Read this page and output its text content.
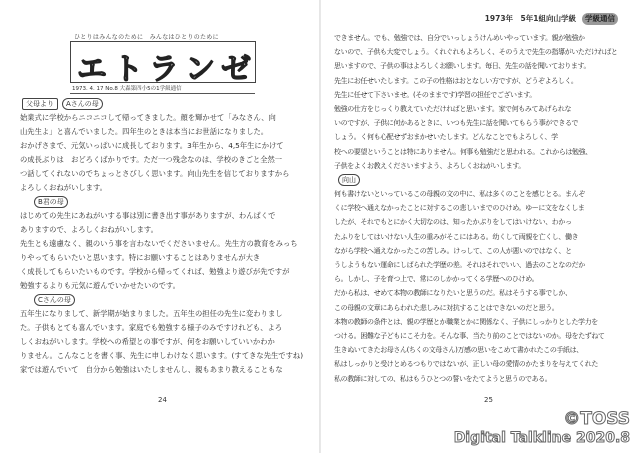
ひとりはみんなのために　みんなはひとりのために
エトランゼ
1973. 4. 17 No.8 大森第四小5の1学級通信
父母より Aさんの母
始業式に学校からニコニコして帰ってきました。顔を輝かせて「みなさん、向
山先生よ」と喜んでいました。四年生のときは本当にお世話になりました。
おかげさまで、元気いっぱいに成長しております。3年生から、4,5年生にかけて
の成長ぶりは　おどろくばかりです。ただ一つ残念なのは、学校のきごと全然一
つ話してくれないのでちょっとさびしく思います。向山先生を信じておりますから
よろしくおねがいします。
B君の母
はじめての先生にあねがいする事は別に書き出す事がありますが、わんぱくで
ありますので、よろしくおねがいします。
先生とも遠慮なく、親のいう事を言わないでくださいません。先生方の教育をみっち
りやってもらいたいと思います。特にお願いすることはありませんが大き
く成長してもらいたいものです。学校から帰ってくれば、勉強より遊びが先ですが
勉強するよりも元気に遊んでいかせたいのです。
Cさんの母
五年生になりまして、新学期が始まりました。五年生の担任の先生に変わりまし
た。子供もとても喜んでいます。家庭でも勉強する様子のみですけれども、よろ
しくおねがいします。学校への希望との事ですが、何をお願いしていいかわか
りません。こんなことを書く事、先生に申しわけなく思います。(すてきな先生ですね)
家では遊んでいて　自分から勉強はいたしませんし、親もあまり教えることもな
24
1973年　5年1組向山学級 学級通信
できません。でも、勉強では、自分でいっしょうけんめいやっています。親が勉強か
ないので、子供も大変でしょう。くれぐれもよろしく、そのうえで先生の指導がいただければと
思いますので、子供の事はよろしくお願いします。毎日、先生の話を聞いております。
先生にお任せいたします。この子の性格はおとなしい方ですが、どうぞよろしく。
先生に任せて下さいませ。(そのままです)学習の担任でございます。
勉強の仕方をじっくり教えていただければと思います。家で何もみてあげられな
いのですが、子供に何かあるときに、いつも先生に話を聞いてもらう事ができるで
しょう。く何も心配せずおまかせいたします。どんなことでもよろしく、学
校への要望ということは特にありません。何事も勉強だと思われる。これからは勉強、
子供をよくお教えくださいますよう、よろしくおねがいします。
向山
何も書けないといっているこの母親の文の中に、私は多くのことを感じとる。まんぞ
くに学校へ通えなかったことに対するこの悲しいまでのひけめ。ゆーに文をなくしま
したが、それでもとにかく大切なのは、知ったかぶりをしてはいけない、わかっ
たふりをしてはいけない人生の重みがそこにはある。幼くして両親を亡くし、働き
ながら学校へ通えなかったこの苦しみ。けっして、この人が悪いのではなく、と
うしようもない運命にしばられた学歴の差。それはそれでいい、過去のことなのだか
ら。しかし、子を育つ上で、常にのしかかってくる学歴へのひけめ。
だから私は、せめて本物の教師になりたいと思うのだ。私はそうする事でしか、
この母親の文章にあらわれた悲しみに対抗することはできないのだと思う。
本物の教師の条件とは、親の学歴とか職業とかに関係なく、子供にしっかりとした学力を
つける。困難な子どもにこそ力を。そんな事、当たり前のことではないのか。母をたずねて
生きぬいてきたお母さん(ちくの文母さん)万感の思いをこめて書かれたこの手紙は、
私はしっかりと受けとめるつもりではないが、正しい母の愛情のかたまりを与えてくれた
私の教師に対しての、私はもうひとつの誓いをたてようと思うのである。
25
©TOSS
Digital Talkline 2020.8
